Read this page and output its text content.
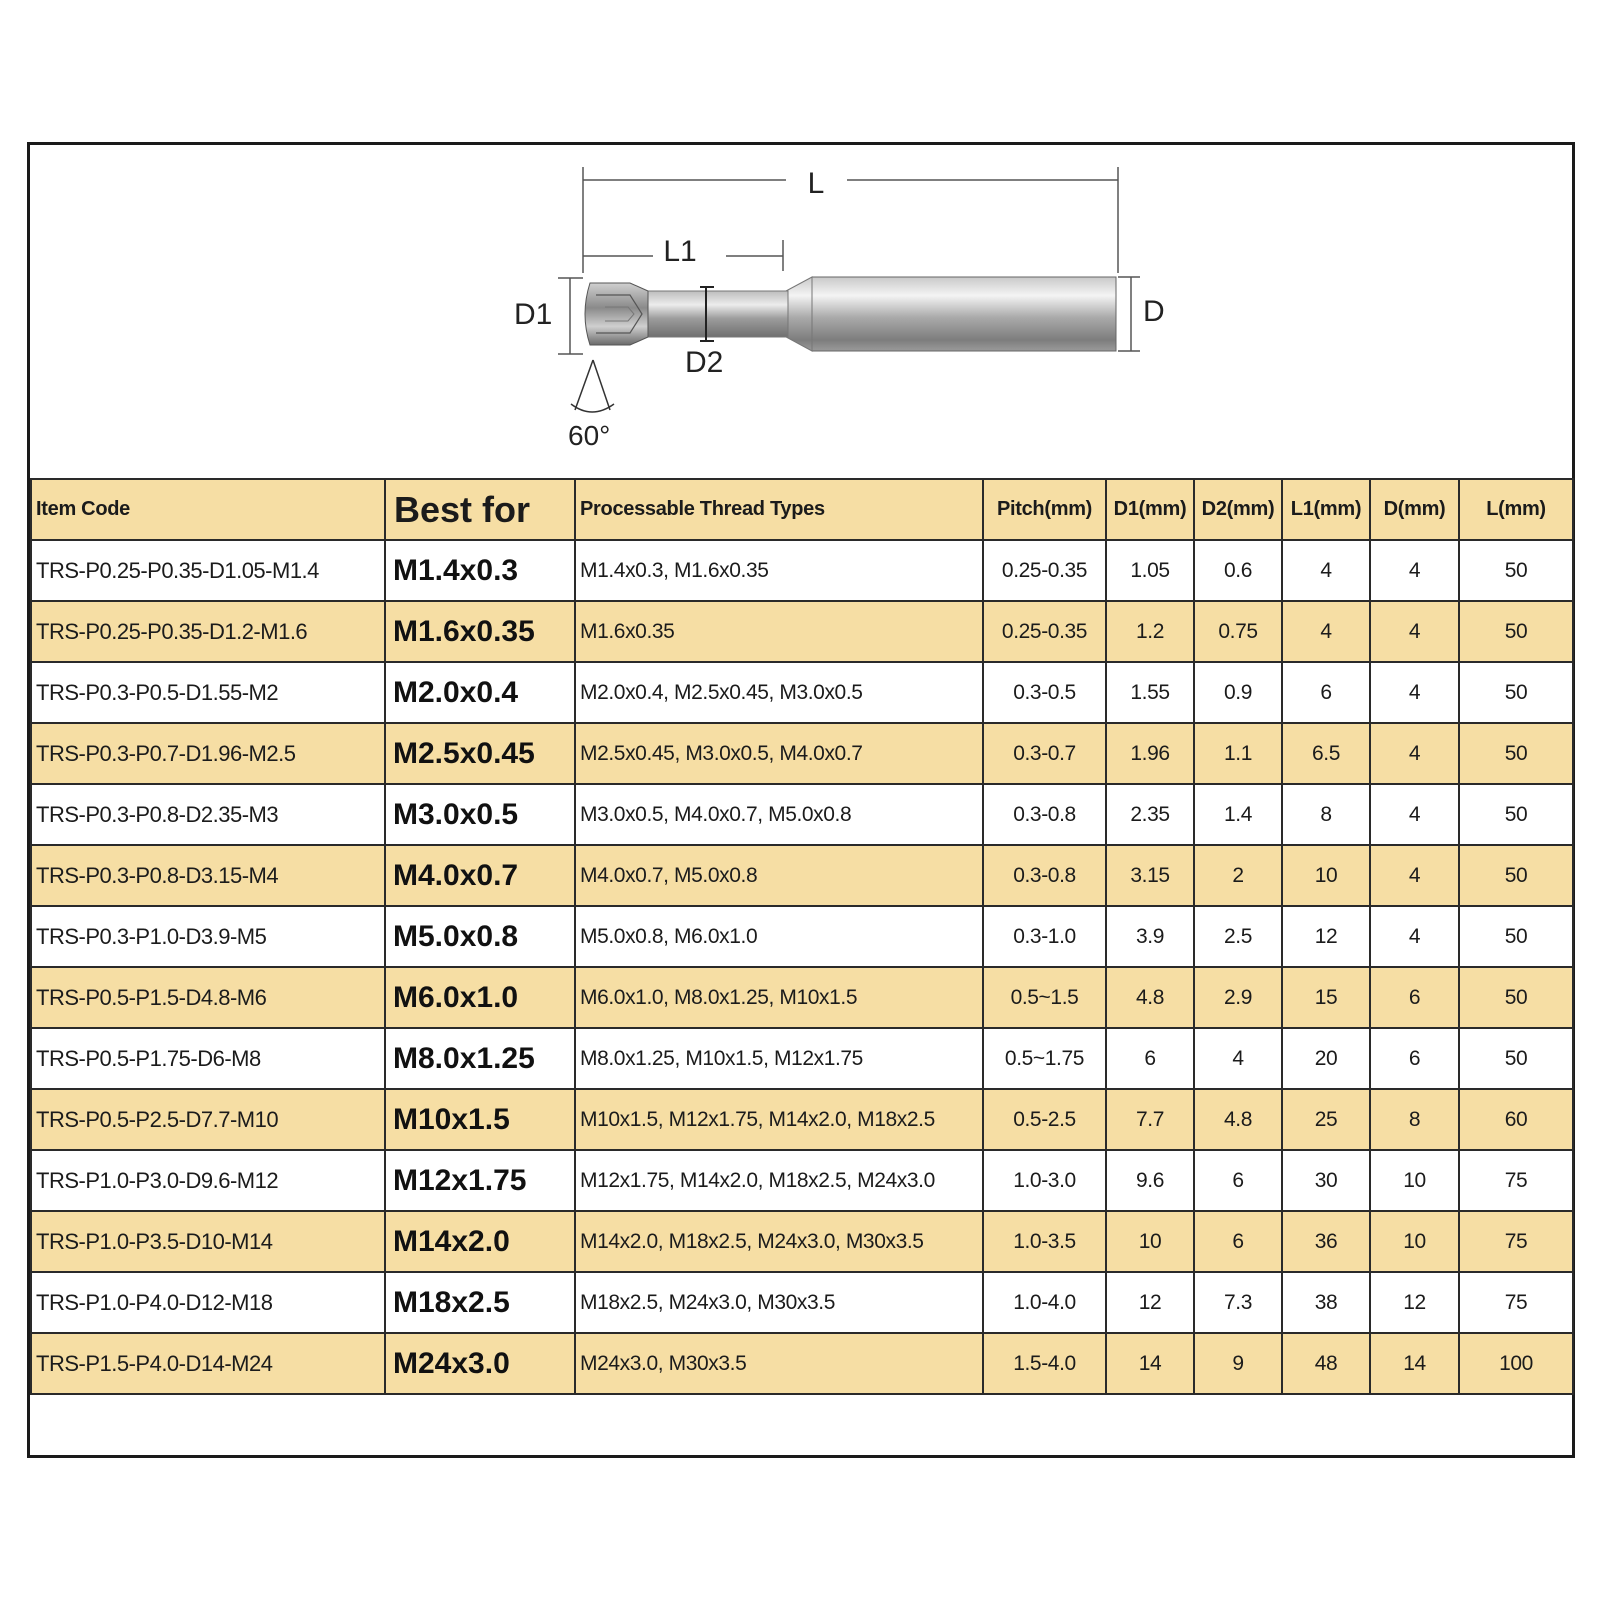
L
L1
D1
D2
D
60°
Item Code	Best for	Processable Thread Types	Pitch(mm)	D1(mm)	D2(mm)	L1(mm)	D(mm)	L(mm)
TRS-P0.25-P0.35-D1.05-M1.4	M1.4x0.3	M1.4x0.3, M1.6x0.35	0.25-0.35	1.05	0.6	4	4	50
TRS-P0.25-P0.35-D1.2-M1.6	M1.6x0.35	M1.6x0.35	0.25-0.35	1.2	0.75	4	4	50
TRS-P0.3-P0.5-D1.55-M2	M2.0x0.4	M2.0x0.4, M2.5x0.45, M3.0x0.5	0.3-0.5	1.55	0.9	6	4	50
TRS-P0.3-P0.7-D1.96-M2.5	M2.5x0.45	M2.5x0.45, M3.0x0.5, M4.0x0.7	0.3-0.7	1.96	1.1	6.5	4	50
TRS-P0.3-P0.8-D2.35-M3	M3.0x0.5	M3.0x0.5, M4.0x0.7, M5.0x0.8	0.3-0.8	2.35	1.4	8	4	50
TRS-P0.3-P0.8-D3.15-M4	M4.0x0.7	M4.0x0.7, M5.0x0.8	0.3-0.8	3.15	2	10	4	50
TRS-P0.3-P1.0-D3.9-M5	M5.0x0.8	M5.0x0.8, M6.0x1.0	0.3-1.0	3.9	2.5	12	4	50
TRS-P0.5-P1.5-D4.8-M6	M6.0x1.0	M6.0x1.0, M8.0x1.25, M10x1.5	0.5~1.5	4.8	2.9	15	6	50
TRS-P0.5-P1.75-D6-M8	M8.0x1.25	M8.0x1.25, M10x1.5, M12x1.75	0.5~1.75	6	4	20	6	50
TRS-P0.5-P2.5-D7.7-M10	M10x1.5	M10x1.5, M12x1.75, M14x2.0, M18x2.5	0.5-2.5	7.7	4.8	25	8	60
TRS-P1.0-P3.0-D9.6-M12	M12x1.75	M12x1.75, M14x2.0, M18x2.5, M24x3.0	1.0-3.0	9.6	6	30	10	75
TRS-P1.0-P3.5-D10-M14	M14x2.0	M14x2.0, M18x2.5, M24x3.0, M30x3.5	1.0-3.5	10	6	36	10	75
TRS-P1.0-P4.0-D12-M18	M18x2.5	M18x2.5, M24x3.0, M30x3.5	1.0-4.0	12	7.3	38	12	75
TRS-P1.5-P4.0-D14-M24	M24x3.0	M24x3.0, M30x3.5	1.5-4.0	14	9	48	14	100
